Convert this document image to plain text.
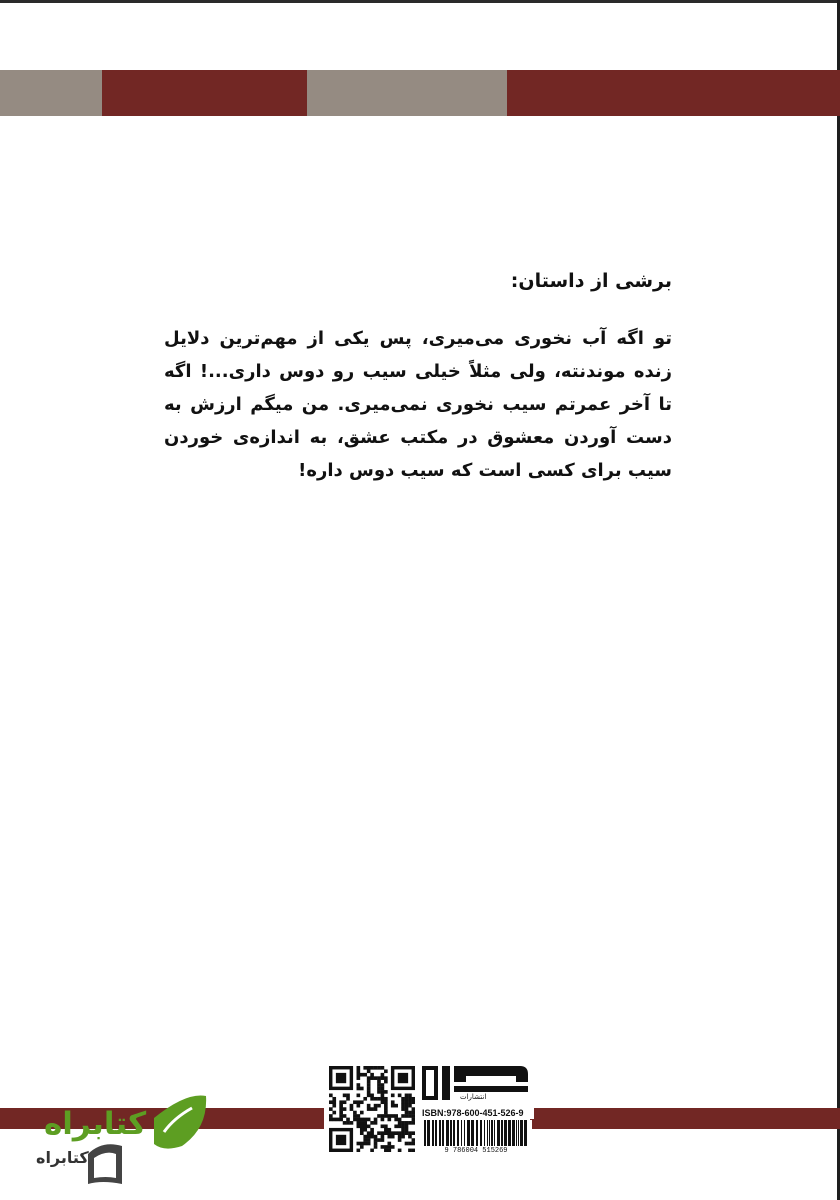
برشی از داستان:

تو اگه آب نخوری می‌میری، پس یکی از مهم‌ترین دلایل زنده موندنته، ولی مثلاً خیلی سیب رو دوس داری...! اگه تا آخر عمرتم سیب نخوری نمی‌میری. من میگم ارزش به دست آوردن معشوق در مکتب عشق، به اندازه‌ی خوردن سیب برای کسی است که سیب دوس داره!

انتشارات
ISBN:978-600-451-526-9
9 786004 515269
کتابراه
کتابراه
